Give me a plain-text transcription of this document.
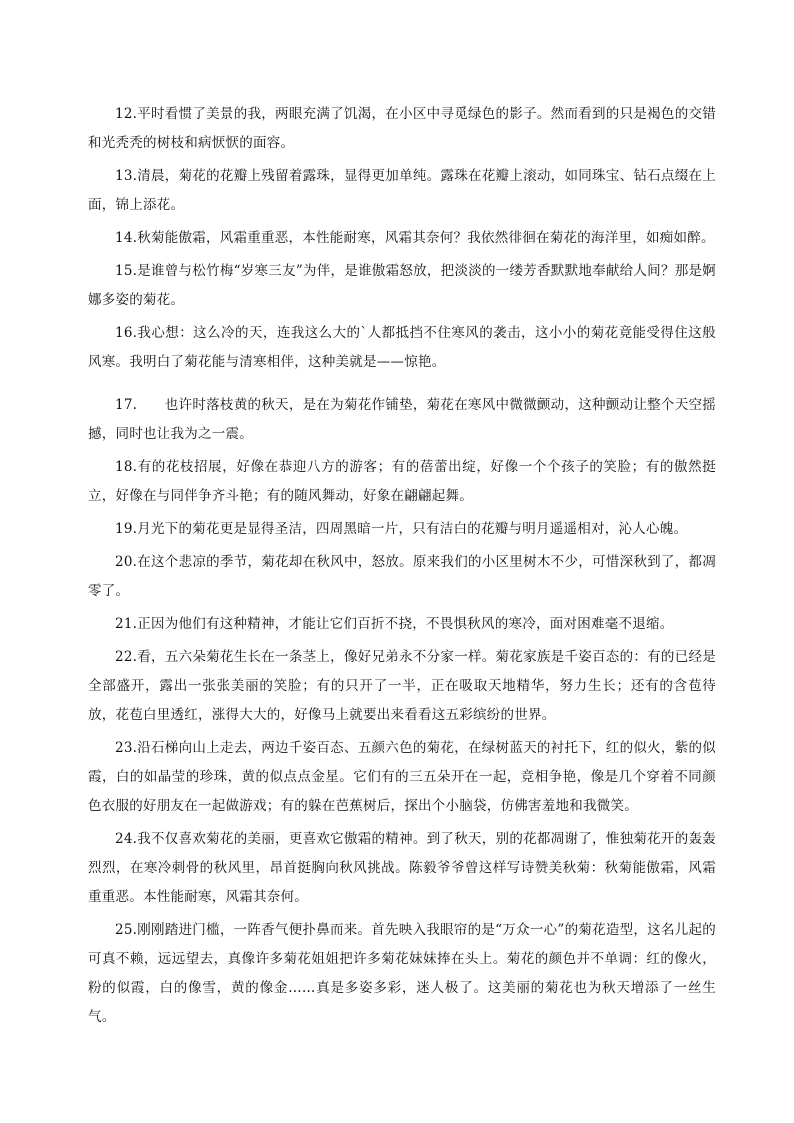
12.平时看惯了美景的我，两眼充满了饥渴，在小区中寻觅绿色的影子。然而看到的只是褐色的交错和光秃秃的树枝和病恹恹的面容。

13.清晨，菊花的花瓣上残留着露珠，显得更加单纯。露珠在花瓣上滚动，如同珠宝、钻石点缀在上面，锦上添花。

14.秋菊能傲霜，风霜重重恶，本性能耐寒，风霜其奈何？我依然徘徊在菊花的海洋里，如痴如醉。

15.是谁曾与松竹梅“岁寒三友”为伴，是谁傲霜怒放，把淡淡的一缕芳香默默地奉献给人间？那是婀娜多姿的菊花。

16.我心想：这么冷的天，连我这么大的`人都抵挡不住寒风的袭击，这小小的菊花竟能受得住这般风寒。我明白了菊花能与清寒相伴，这种美就是——惊艳。

17.　　也许时落枝黄的秋天，是在为菊花作铺垫，菊花在寒风中微微颤动，这种颤动让整个天空摇撼，同时也让我为之一震。

18.有的花枝招展，好像在恭迎八方的游客；有的蓓蕾出绽，好像一个个孩子的笑脸；有的傲然挺立，好像在与同伴争齐斗艳；有的随风舞动，好象在翩翩起舞。

19.月光下的菊花更是显得圣洁，四周黑暗一片，只有洁白的花瓣与明月遥遥相对，沁人心魄。

20.在这个悲凉的季节，菊花却在秋风中，怒放。原来我们的小区里树木不少，可惜深秋到了，都凋零了。

21.正因为他们有这种精神，才能让它们百折不挠，不畏惧秋风的寒冷，面对困难毫不退缩。

22.看，五六朵菊花生长在一条茎上，像好兄弟永不分家一样。菊花家族是千姿百态的：有的已经是全部盛开，露出一张张美丽的笑脸；有的只开了一半，正在吸取天地精华，努力生长；还有的含苞待放，花苞白里透红，涨得大大的，好像马上就要出来看看这五彩缤纷的世界。

23.沿石梯向山上走去，两边千姿百态、五颜六色的菊花，在绿树蓝天的衬托下，红的似火，紫的似霞，白的如晶莹的珍珠，黄的似点点金星。它们有的三五朵开在一起，竞相争艳，像是几个穿着不同颜色衣服的好朋友在一起做游戏；有的躲在芭蕉树后，探出个小脑袋，仿佛害羞地和我微笑。

24.我不仅喜欢菊花的美丽，更喜欢它傲霜的精神。到了秋天，别的花都凋谢了，惟独菊花开的轰轰烈烈，在寒冷刺骨的秋风里，昂首挺胸向秋风挑战。陈毅爷爷曾这样写诗赞美秋菊：秋菊能傲霜，风霜重重恶。本性能耐寒，风霜其奈何。

25.刚刚踏进门槛，一阵香气便扑鼻而来。首先映入我眼帘的是“万众一心”的菊花造型，这名儿起的可真不赖，远远望去，真像许多菊花姐姐把许多菊花妹妹捧在头上。菊花的颜色并不单调：红的像火，粉的似霞，白的像雪，黄的像金……真是多姿多彩，迷人极了。这美丽的菊花也为秋天增添了一丝生气。
